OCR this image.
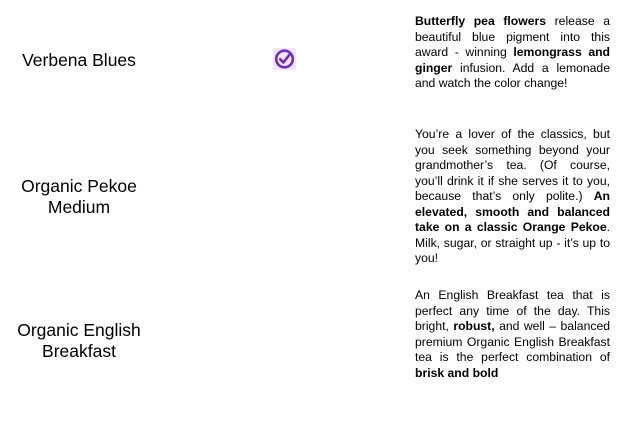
Verbena Blues
Butterfly pea flowers release a beautiful blue pigment into this award - winning lemongrass and ginger infusion. Add a lemonade and watch the color change!
Organic Pekoe
Medium
You’re a lover of the classics, but you seek something beyond your grandmother’s tea. (Of course, you’ll drink it if she serves it to you, because that’s only polite.) An elevated, smooth and balanced take on a classic Orange Pekoe. Milk, sugar, or straight up - it’s up to you!
Organic English
Breakfast
An English Breakfast tea that is perfect any time of the day. This bright, robust, and well – balanced premium Organic English Breakfast tea is the perfect combination of brisk and bold
